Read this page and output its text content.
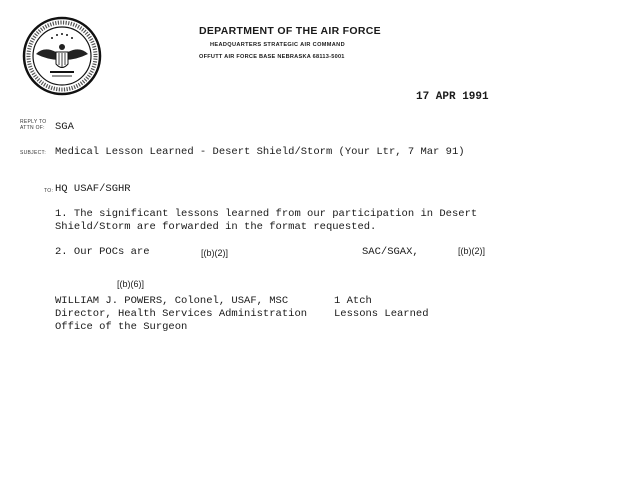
DEPARTMENT OF THE AIR FORCE
HEADQUARTERS STRATEGIC AIR COMMAND
OFFUTT AIR FORCE BASE NEBRASKA 68113-5001
17 APR 1991
REPLY TO
ATTN OF: SGA
SUBJECT: Medical Lesson Learned - Desert Shield/Storm (Your Ltr, 7 Mar 91)
TO: HQ USAF/SGHR
1. The significant lessons learned from our participation in Desert
Shield/Storm are forwarded in the format requested.
2. Our POCs are	[(b)(2)]	SAC/SGAX,	[(b)(2)]
[(b)(6)]
WILLIAM J. POWERS, Colonel, USAF, MSC
Director, Health Services Administration
Office of the Surgeon
1 Atch
Lessons Learned
